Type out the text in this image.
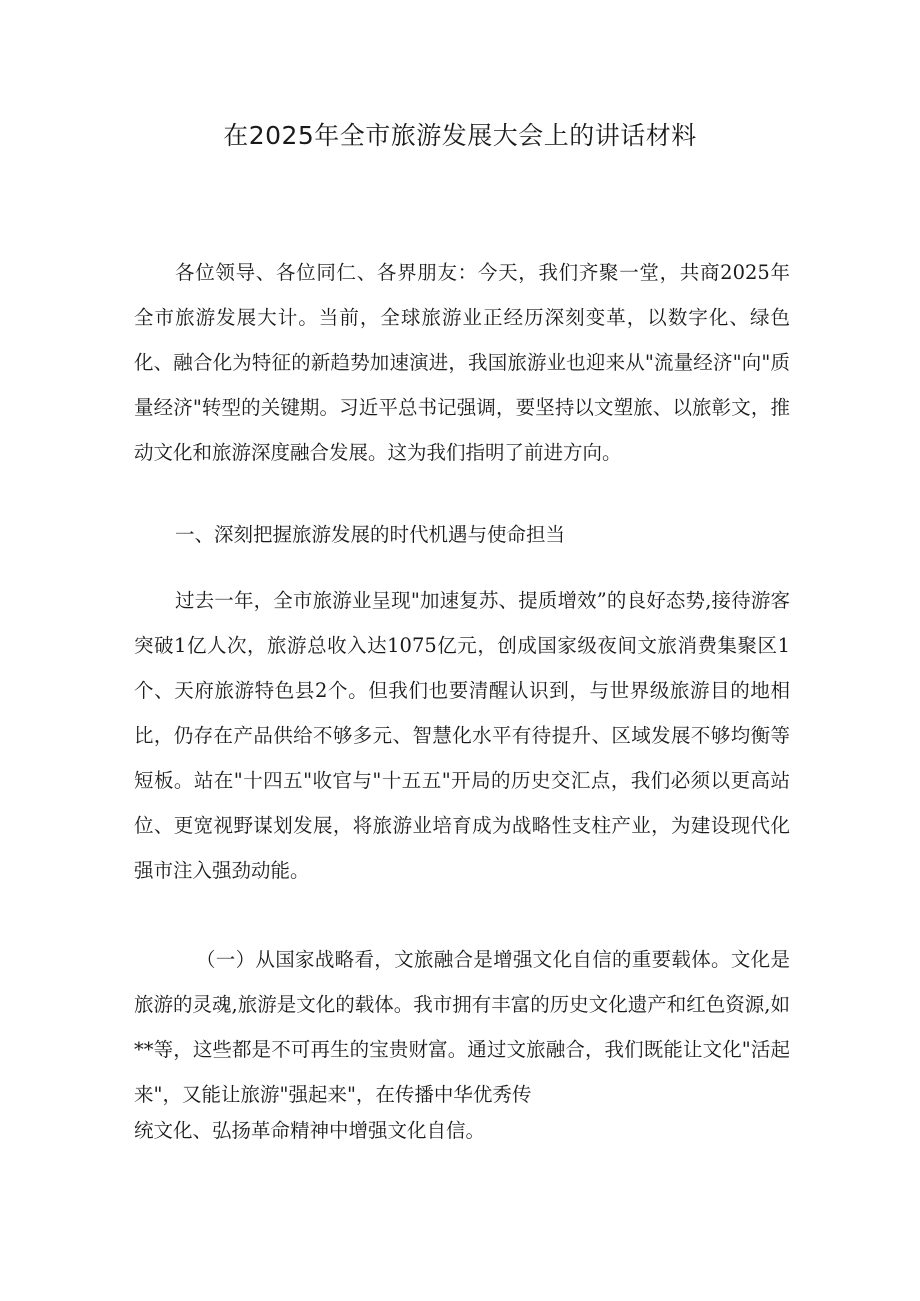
在2025年全市旅游发展大会上的讲话材料

各位领导、各位同仁、各界朋友：今天，我们齐聚一堂，共商2025年全市旅游发展大计。当前，全球旅游业正经历深刻变革，以数字化、绿色化、融合化为特征的新趋势加速演进，我国旅游业也迎来从"流量经济"向"质量经济"转型的关键期。习近平总书记强调，要坚持以文塑旅、以旅彰文，推动文化和旅游深度融合发展。这为我们指明了前进方向。

一、深刻把握旅游发展的时代机遇与使命担当

过去一年，全市旅游业呈现"加速复苏、提质增效”的良好态势,接待游客突破1亿人次，旅游总收入达1075亿元，创成国家级夜间文旅消费集聚区1个、天府旅游特色县2个。但我们也要清醒认识到，与世界级旅游目的地相比，仍存在产品供给不够多元、智慧化水平有待提升、区域发展不够均衡等短板。站在"十四五"收官与"十五五"开局的历史交汇点，我们必须以更高站位、更宽视野谋划发展，将旅游业培育成为战略性支柱产业，为建设现代化强市注入强劲动能。

（一）从国家战略看，文旅融合是增强文化自信的重要载体。文化是旅游的灵魂,旅游是文化的载体。我市拥有丰富的历史文化遗产和红色资源,如**等，这些都是不可再生的宝贵财富。通过文旅融合，我们既能让文化"活起来"，又能让旅游"强起来"，在传播中华优秀传

统文化、弘扬革命精神中增强文化自信。
